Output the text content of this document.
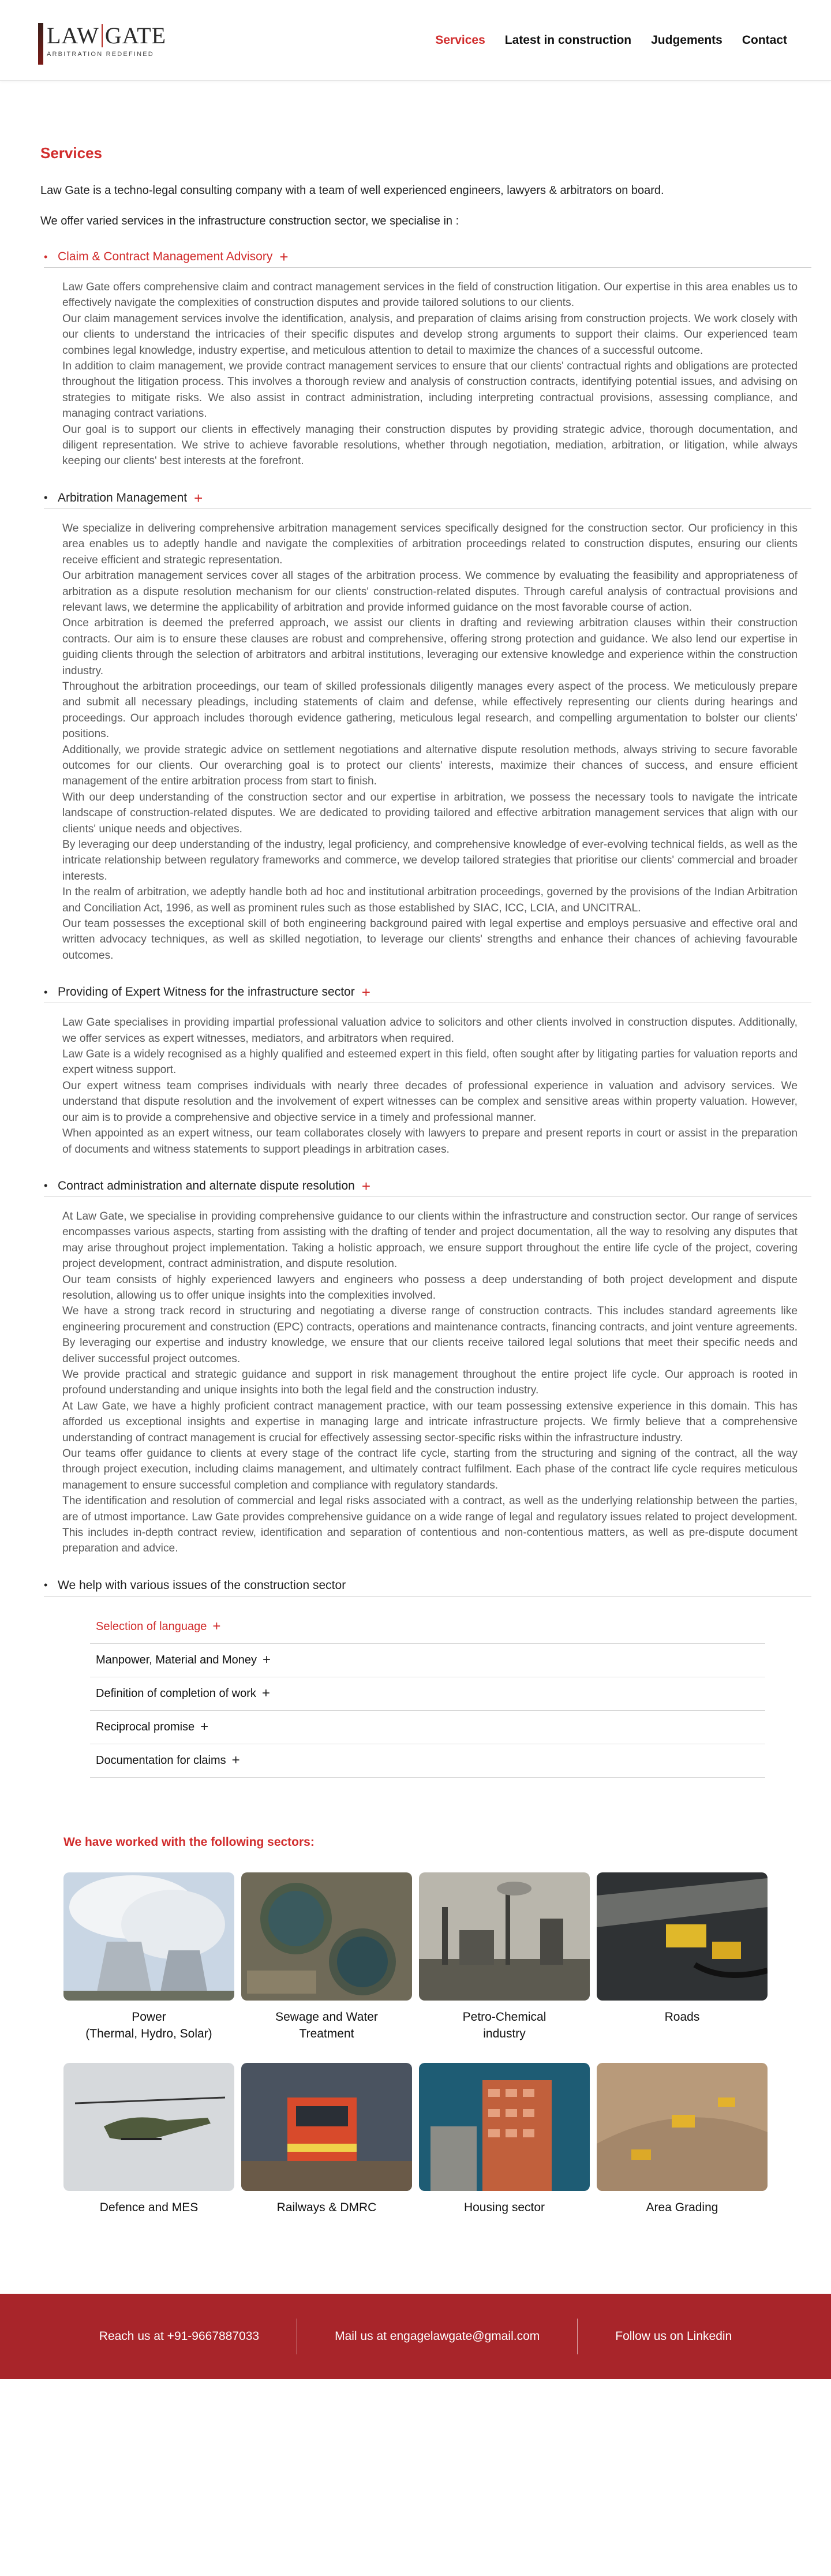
LAW GATE
ARBITRATION REDEFINED
Services Latest in construction Judgements Contact
Services

Law Gate is a techno-legal consulting company with a team of well experienced engineers, lawyers & arbitrators on board.

We offer varied services in the infrastructure construction sector, we specialise in :

• Claim & Contract Management Advisory +

Law Gate offers comprehensive claim and contract management services in the field of construction litigation. Our expertise in this area enables us to effectively navigate the complexities of construction disputes and provide tailored solutions to our clients.

Our claim management services involve the identification, analysis, and preparation of claims arising from construction projects. We work closely with our clients to understand the intricacies of their specific disputes and develop strong arguments to support their claims. Our experienced team combines legal knowledge, industry expertise, and meticulous attention to detail to maximize the chances of a successful outcome.

In addition to claim management, we provide contract management services to ensure that our clients' contractual rights and obligations are protected throughout the litigation process. This involves a thorough review and analysis of construction contracts, identifying potential issues, and advising on strategies to mitigate risks. We also assist in contract administration, including interpreting contractual provisions, assessing compliance, and managing contract variations.

Our goal is to support our clients in effectively managing their construction disputes by providing strategic advice, thorough documentation, and diligent representation. We strive to achieve favorable resolutions, whether through negotiation, mediation, arbitration, or litigation, while always keeping our clients' best interests at the forefront.

• Arbitration Management +

We specialize in delivering comprehensive arbitration management services specifically designed for the construction sector. Our proficiency in this area enables us to adeptly handle and navigate the complexities of arbitration proceedings related to construction disputes, ensuring our clients receive efficient and strategic representation.

Our arbitration management services cover all stages of the arbitration process. We commence by evaluating the feasibility and appropriateness of arbitration as a dispute resolution mechanism for our clients' construction-related disputes. Through careful analysis of contractual provisions and relevant laws, we determine the applicability of arbitration and provide informed guidance on the most favorable course of action.

Once arbitration is deemed the preferred approach, we assist our clients in drafting and reviewing arbitration clauses within their construction contracts. Our aim is to ensure these clauses are robust and comprehensive, offering strong protection and guidance. We also lend our expertise in guiding clients through the selection of arbitrators and arbitral institutions, leveraging our extensive knowledge and experience within the construction industry.

Throughout the arbitration proceedings, our team of skilled professionals diligently manages every aspect of the process. We meticulously prepare and submit all necessary pleadings, including statements of claim and defense, while effectively representing our clients during hearings and proceedings. Our approach includes thorough evidence gathering, meticulous legal research, and compelling argumentation to bolster our clients' positions.

Additionally, we provide strategic advice on settlement negotiations and alternative dispute resolution methods, always striving to secure favorable outcomes for our clients. Our overarching goal is to protect our clients' interests, maximize their chances of success, and ensure efficient management of the entire arbitration process from start to finish.

With our deep understanding of the construction sector and our expertise in arbitration, we possess the necessary tools to navigate the intricate landscape of construction-related disputes. We are dedicated to providing tailored and effective arbitration management services that align with our clients' unique needs and objectives.

By leveraging our deep understanding of the industry, legal proficiency, and comprehensive knowledge of ever-evolving technical fields, as well as the intricate relationship between regulatory frameworks and commerce, we develop tailored strategies that prioritise our clients' commercial and broader interests.

In the realm of arbitration, we adeptly handle both ad hoc and institutional arbitration proceedings, governed by the provisions of the Indian Arbitration and Conciliation Act, 1996, as well as prominent rules such as those established by SIAC, ICC, LCIA, and UNCITRAL.

Our team possesses the exceptional skill of both engineering background paired with legal expertise and employs persuasive and effective oral and written advocacy techniques, as well as skilled negotiation, to leverage our clients' strengths and enhance their chances of achieving favourable outcomes.

• Providing of Expert Witness for the infrastructure sector +

Law Gate specialises in providing impartial professional valuation advice to solicitors and other clients involved in construction disputes. Additionally, we offer services as expert witnesses, mediators, and arbitrators when required.

Law Gate is a widely recognised as a highly qualified and esteemed expert in this field, often sought after by litigating parties for valuation reports and expert witness support.

Our expert witness team comprises individuals with nearly three decades of professional experience in valuation and advisory services. We understand that dispute resolution and the involvement of expert witnesses can be complex and sensitive areas within property valuation. However, our aim is to provide a comprehensive and objective service in a timely and professional manner.

When appointed as an expert witness, our team collaborates closely with lawyers to prepare and present reports in court or assist in the preparation of documents and witness statements to support pleadings in arbitration cases.

• Contract administration and alternate dispute resolution +

At Law Gate, we specialise in providing comprehensive guidance to our clients within the infrastructure and construction sector. Our range of services encompasses various aspects, starting from assisting with the drafting of tender and project documentation, all the way to resolving any disputes that may arise throughout project implementation. Taking a holistic approach, we ensure support throughout the entire life cycle of the project, covering project development, contract administration, and dispute resolution.

Our team consists of highly experienced lawyers and engineers who possess a deep understanding of both project development and dispute resolution, allowing us to offer unique insights into the complexities involved.

We have a strong track record in structuring and negotiating a diverse range of construction contracts. This includes standard agreements like engineering procurement and construction (EPC) contracts, operations and maintenance contracts, financing contracts, and joint venture agreements. By leveraging our expertise and industry knowledge, we ensure that our clients receive tailored legal solutions that meet their specific needs and deliver successful project outcomes.

We provide practical and strategic guidance and support in risk management throughout the entire project life cycle. Our approach is rooted in profound understanding and unique insights into both the legal field and the construction industry.

At Law Gate, we have a highly proficient contract management practice, with our team possessing extensive experience in this domain. This has afforded us exceptional insights and expertise in managing large and intricate infrastructure projects. We firmly believe that a comprehensive understanding of contract management is crucial for effectively assessing sector-specific risks within the infrastructure industry.

Our teams offer guidance to clients at every stage of the contract life cycle, starting from the structuring and signing of the contract, all the way through project execution, including claims management, and ultimately contract fulfilment. Each phase of the contract life cycle requires meticulous management to ensure successful completion and compliance with regulatory standards.

The identification and resolution of commercial and legal risks associated with a contract, as well as the underlying relationship between the parties, are of utmost importance. Law Gate provides comprehensive guidance on a wide range of legal and regulatory issues related to project development. This includes in-depth contract review, identification and separation of contentious and non-contentious matters, as well as pre-dispute document preparation and advice.

• We help with various issues of the construction sector
Selection of language +
Manpower, Material and Money +
Definition of completion of work +
Reciprocal promise +
Documentation for claims +
We have worked with the following sectors:
Power
(Thermal, Hydro, Solar)
Sewage and Water
Treatment
Petro-Chemical
industry
Roads
Defence and MES	Railways & DMRC	Housing sector	Area Grading
Reach us at +91-9667887033	Mail us at engagelawgate@gmail.com	Follow us on Linkedin
